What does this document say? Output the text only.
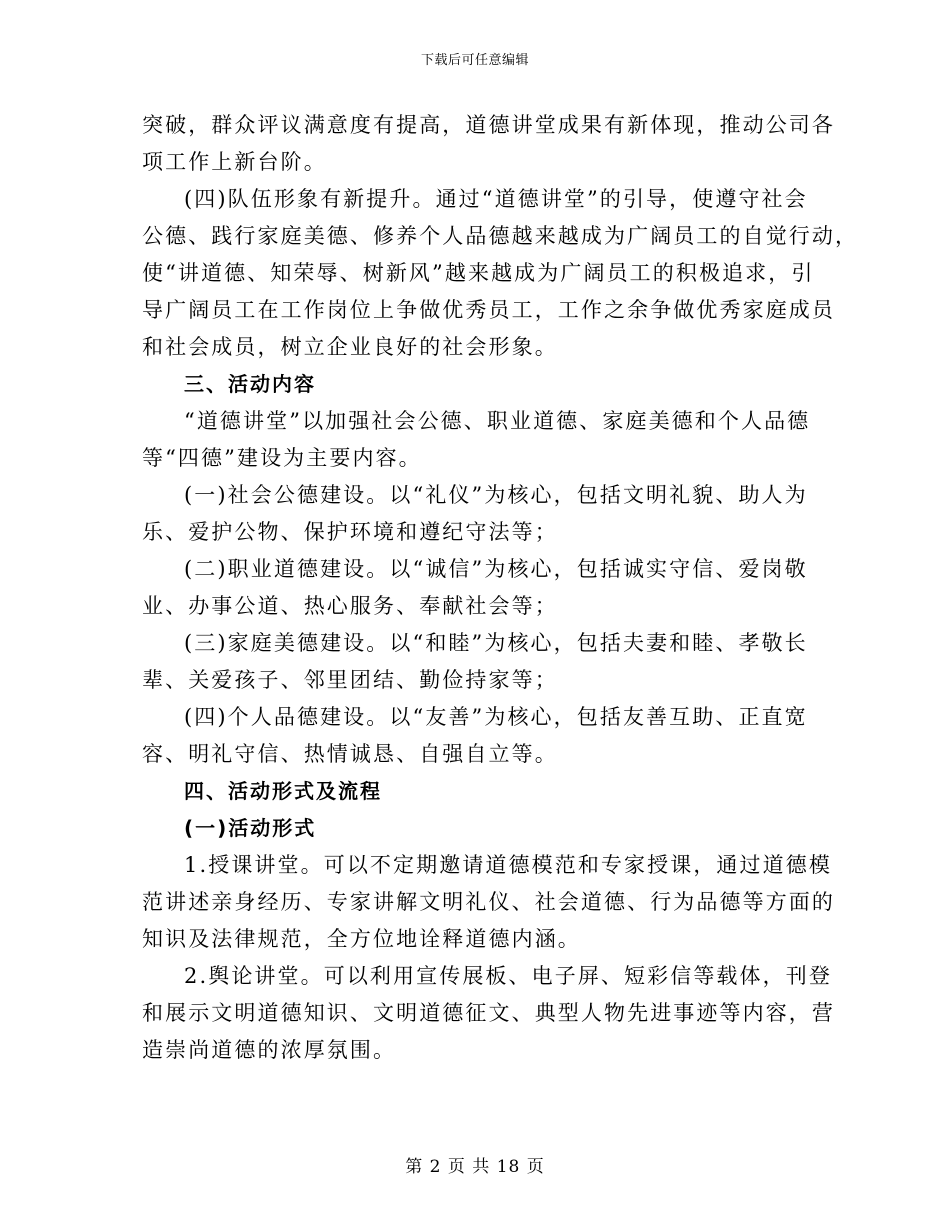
下载后可任意编辑
突破，群众评议满意度有提高，道德讲堂成果有新体现，推动公司各
项工作上新台阶。
(四)队伍形象有新提升。通过“道德讲堂”的引导，使遵守社会
公德、践行家庭美德、修养个人品德越来越成为广阔员工的自觉行动，
使“讲道德、知荣辱、树新风”越来越成为广阔员工的积极追求，引
导广阔员工在工作岗位上争做优秀员工，工作之余争做优秀家庭成员
和社会成员，树立企业良好的社会形象。
三、活动内容
“道德讲堂”以加强社会公德、职业道德、家庭美德和个人品德
等“四德”建设为主要内容。
(一)社会公德建设。以“礼仪”为核心，包括文明礼貌、助人为
乐、爱护公物、保护环境和遵纪守法等；
(二)职业道德建设。以“诚信”为核心，包括诚实守信、爱岗敬
业、办事公道、热心服务、奉献社会等；
(三)家庭美德建设。以“和睦”为核心，包括夫妻和睦、孝敬长
辈、关爱孩子、邻里团结、勤俭持家等；
(四)个人品德建设。以“友善”为核心，包括友善互助、正直宽
容、明礼守信、热情诚恳、自强自立等。
四、活动形式及流程
(一)活动形式
1.授课讲堂。可以不定期邀请道德模范和专家授课，通过道德模
范讲述亲身经历、专家讲解文明礼仪、社会道德、行为品德等方面的
知识及法律规范，全方位地诠释道德内涵。
2.舆论讲堂。可以利用宣传展板、电子屏、短彩信等载体，刊登
和展示文明道德知识、文明道德征文、典型人物先进事迹等内容，营
造崇尚道德的浓厚氛围。
第 2 页 共 18 页
